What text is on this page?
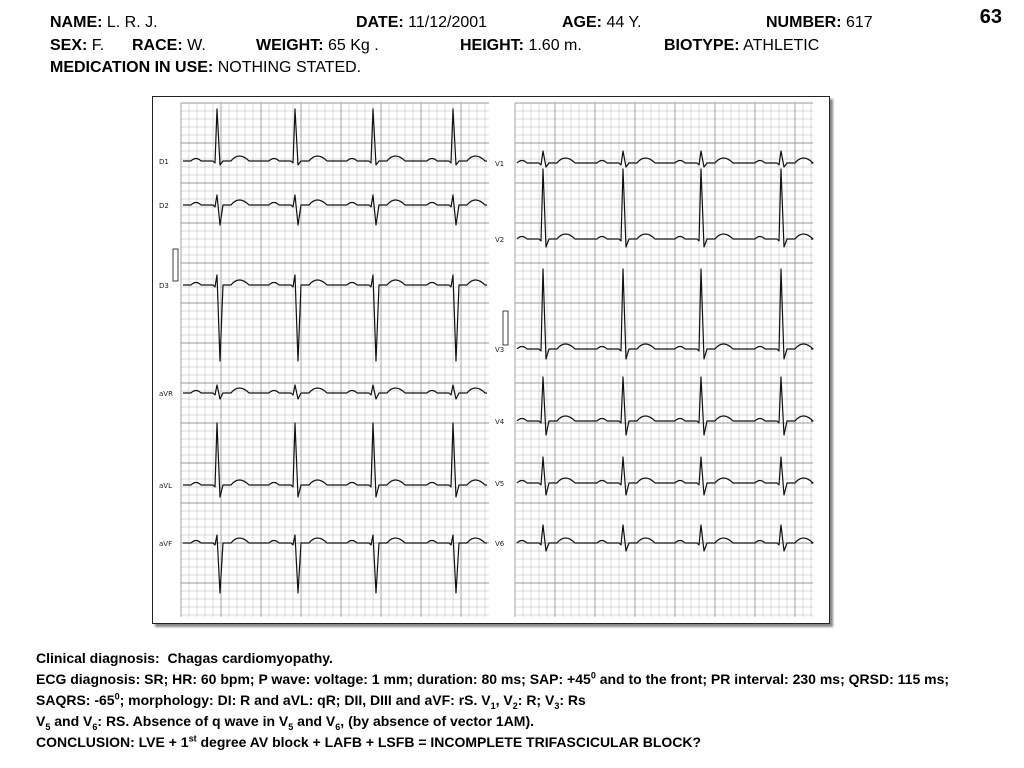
NAME: L. R. J.	DATE: 11/12/2001	AGE: 44 Y.	NUMBER: 617	63
SEX: F. RACE: W.	WEIGHT: 65 Kg .	HEIGHT: 1.60 m.	BIOTYPE: ATHLETIC
MEDICATION IN USE: NOTHING STATED.
D1
D2
D3
aVR
aVL
aVF
V1
V2
V3
V4
V5
V6

Clinical diagnosis: Chagas cardiomyopathy.

ECG diagnosis: SR; HR: 60 bpm; P wave: voltage: 1 mm; duration: 80 ms; SAP: $+45^0$ and to the front; PR interval: 230 ms; QRSD: 115 ms; SAQRS: $-65^0$; morphology: DI: R and aVL: qR; DII, DIII and aVF: rS. $V_1$, $V_2$: R; $V_3$: Rs

$V_5$ and $V_6$: RS. Absence of q wave in $V_5$ and $V_6$, (by absence of vector 1AM).

CONCLUSION: LVE + 1st degree AV block + LAFB + LSFB = INCOMPLETE TRIFASCICULAR BLOCK?
